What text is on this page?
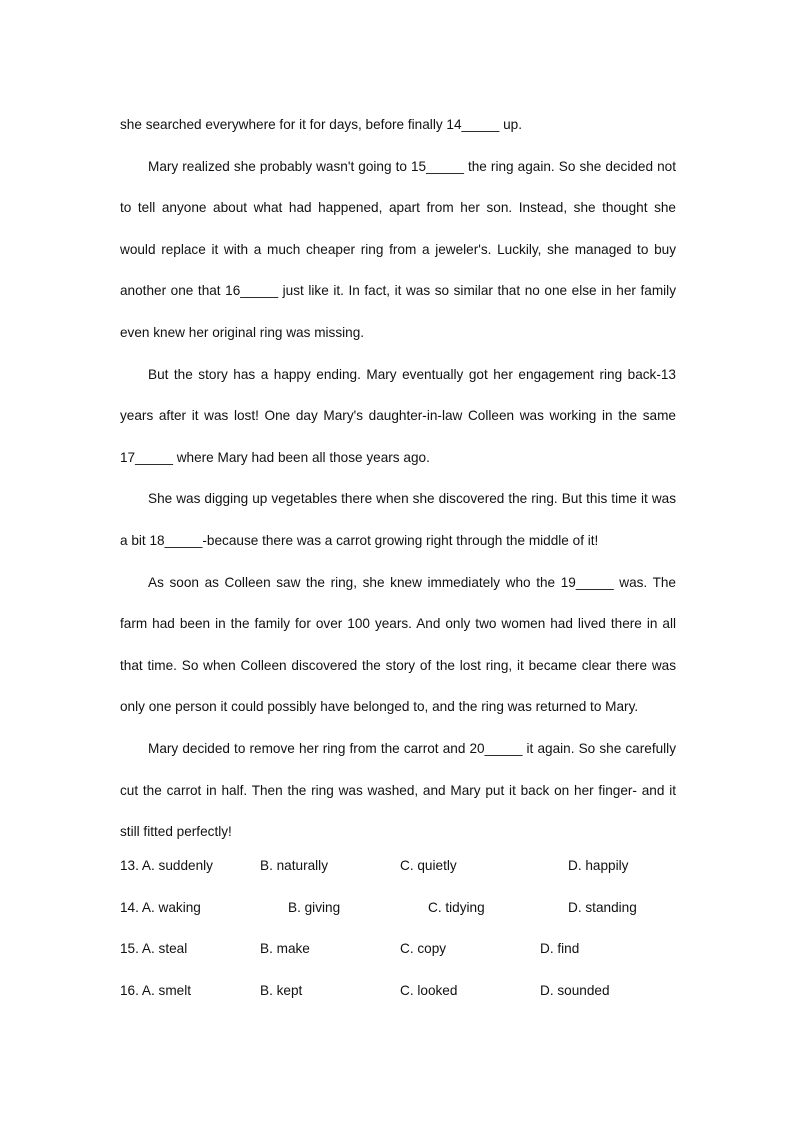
she searched everywhere for it for days, before finally 14_____ up.

Mary realized she probably wasn't going to 15_____ the ring again. So she decided not to tell anyone about what had happened, apart from her son. Instead, she thought she would replace it with a much cheaper ring from a jeweler's. Luckily, she managed to buy another one that 16_____ just like it. In fact, it was so similar that no one else in her family even knew her original ring was missing.

But the story has a happy ending. Mary eventually got her engagement ring back-13 years after it was lost! One day Mary's daughter-in-law Colleen was working in the same 17_____ where Mary had been all those years ago.

She was digging up vegetables there when she discovered the ring. But this time it was a bit 18_____-because there was a carrot growing right through the middle of it!

As soon as Colleen saw the ring, she knew immediately who the 19_____ was. The farm had been in the family for over 100 years. And only two women had lived there in all that time. So when Colleen discovered the story of the lost ring, it became clear there was only one person it could possibly have belonged to, and the ring was returned to Mary.

Mary decided to remove her ring from the carrot and 20_____ it again. So she carefully cut the carrot in half. Then the ring was washed, and Mary put it back on her finger- and it still fitted perfectly!

13. A. suddenly	B. naturally	C. quietly	D. happily
14. A. waking	B. giving	C. tidying	D. standing
15. A. steal	B. make	C. copy	D. find
16. A. smelt	B. kept	C. looked	D. sounded
